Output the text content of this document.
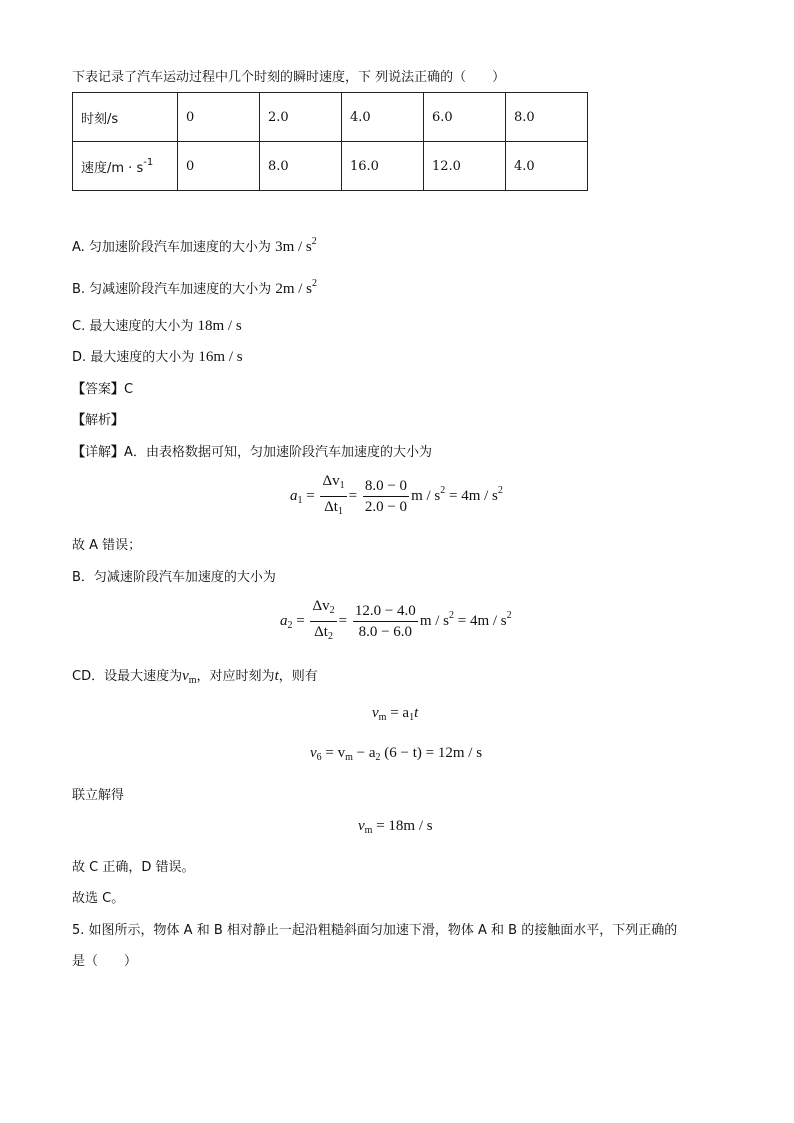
下表记录了汽车运动过程中几个时刻的瞬时速度，下 列说法正确的（　　）
时刻/s	0	2.0	4.0	6.0	8.0
速度$/m \cdot s^{-1}$	0	8.0	16.0	12.0	4.0
A. 匀加速阶段汽车加速度的大小为 $3m / s^2$
B. 匀减速阶段汽车加速度的大小为 $2m / s^2$
C. 最大速度的大小为 18m / s
D. 最大速度的大小为 16m / s
【答案】C
【解析】
【详解】A．由表格数据可知，匀加速阶段汽车加速度的大小为
$a_1 = \frac{\Delta v_1}{\Delta t_1} = \frac{8.0 - 0}{2.0 - 0}$ $m / s^2 = 4m / s^2$
故 A 错误；
B．匀减速阶段汽车加速度的大小为
$a_2 = \frac{\Delta v_2}{\Delta t_2} = \frac{12.0 - 4.0}{8.0 - 6.0}$ $m / s^2 = 4m / s^2$
CD．设最大速度为$v_m$，对应时刻为t，则有
$v_m = a_1t$
$v_6 = v_m - a_2$ (6 − t) = 12m / s
联立解得
$v_m = 18m / s$
故 C 正确，D 错误。
故选 C。
5. 如图所示，物体 A 和 B 相对静止一起沿粗糙斜面匀加速下滑，物体 A 和 B 的接触面水平，下列正确的
是（　　）
